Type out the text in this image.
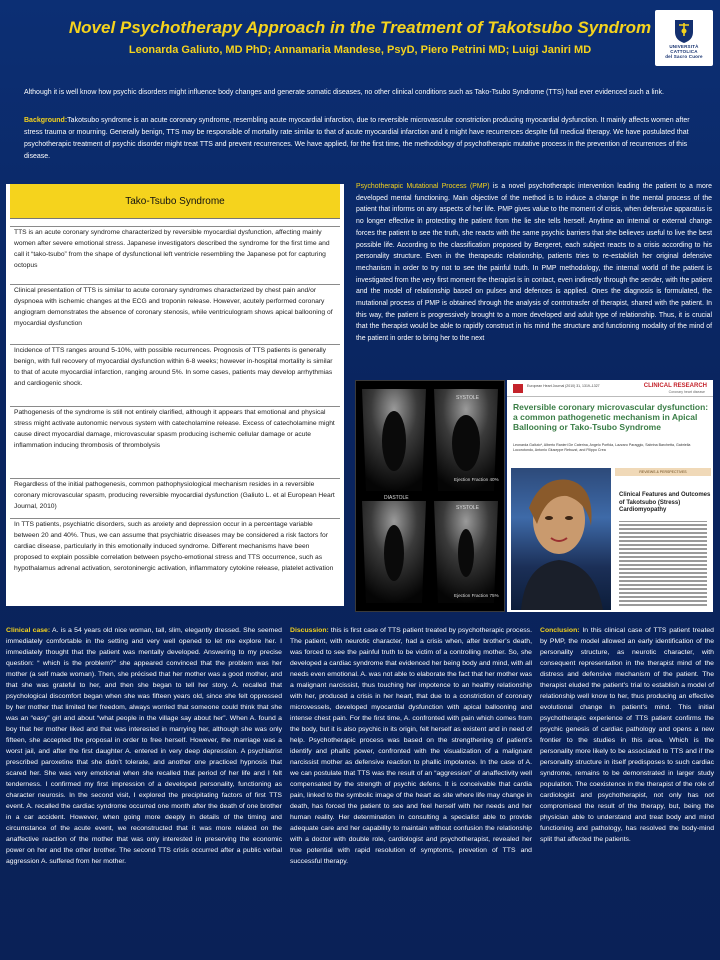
Novel Psychotherapy Approach in the Treatment of Takotsubo Syndrom
Leonarda Galiuto, MD PhD; Annamaria Mandese, PsyD, Piero Petrini MD; Luigi Janiri MD	UNIVERSITÀ
CATTOLICA
del Sacro Cuore
Although it is well know how psychic disorders might influence body changes and generate somatic diseases, no other clinical conditions such as Tako-Tsubo Syndrome (TTS) had ever evidenced such a link.
Background:Takotsubo syndrome is an acute coronary syndrome, resembling acute myocardial infarction, due to reversible microvascular constriction producing myocardial dysfunction. It mainly affects women after stress trauma or mourning. Generally benign, TTS may be responsible of mortality rate similar to that of acute myocardial infarction and it might have recurrences despite full medical therapy. We have postulated that psychotherapic treatment of psychic disorder might treat TTS and prevent recurrences. We have applied, for the first time, the methodology of psychotherapic mutative process in the prevention of recurrences of this disease.
Tako-Tsubo Syndrome
TTS is an acute coronary syndrome characterized by reversible myocardial dysfunction, affecting mainly women after severe emotional stress. Japanese investigators described the syndrome for the first time and call it “tako-tsubo” from the shape of dysfunctional left ventricle resembling the Japanese pot for capturing octopus
Clinical presentation of TTS is similar to acute coronary syndromes characterized by chest pain and/or dyspnoea with ischemic changes at the ECG and troponin release. However, acutely performed coronary angiogram demonstrates the absence of coronary stenosis, while ventriculogram shows apical ballooning of myocardial dysfunction
Incidence of TTS ranges around 5-10%, with possible recurrences. Prognosis of TTS patients is generally benign, with full recovery of myocardial dysfunction within 6-8 weeks; however in-hospital mortality is similar to that of acute myocardial infarction, ranging around 5%. In some cases, patients may develop arrhythmias and cardiogenic shock.
Pathogenesis of the syndrome is still not entirely clarified, although it appears that emotional and physical stress might activate autonomic nervous system with catecholamine release. Excess of catecholamine might cause direct myocardial damage, microvascular spasm producing ischemic cellular damage or acute inflammation inducing thrombosis of thrombolysis
Regardless of the initial pathogenesis, common pathophysiological mechanism resides in a reversible coronary microvascular spasm, producing reversible myocardial dysfunction (Galiuto L. et al European Heart Journal, 2010)
In TTS patients, psychiatric disorders, such as anxiety and depression occur in a percentage variable between 20 and 40%. Thus, we can assume that psychiatric diseases may be considered a risk factors for cardiac disease, particularly in this emotionally induced syndrome. Different mechanisms have been proposed to explain possible correlation between psycho-emotional stress and TTS occurrence, such as hypothalamus adrenal activation, serotoninergic activation, inflammatory cytokine release, platelet activation
Psychotherapic Mutational Process (PMP) is a novel psychotherapic intervention leading the patient to a more developed mental functioning. Main objective of the method is to induce a change in the mental process of the patient that informs on any aspects of her life. PMP gives value to the moment of crisis, when defensive apparatus is no longer effective in protecting the patient from the lie she tells herself. Anytime an internal or external change forces the patient to see the truth, she reacts with the same psychic barriers that she believes useful to live the best possible life. According to the classification proposed by Bergeret, each subject reacts to a crisis according to his personality structure. Even in the therapeutic relationship, patients tries to re-establish her original defensive mechanism in order to try not to see the painful truth. In PMP methodology, the internal world of the patient is investigated from the very first moment the therapist is in contact, even indirectly through the sender, with the patient and the model of relationship based on pulses and defences is applied. Ones the diagnosis is formulated, the mutational process of PMP is obtained through the analysis of controtrasfer of therapist, shared with the patient. In this way, the patient is progressively brought to a more developed and adult type of relationship. Thus, it is crucial that the therapist would be able to rapidly construct in his mind the structure and functioning modality of the mind of the patient in order to bring her to the next
SYSTOLE
DIASTOLE
SYSTOLE
Ejection Fraction 40%
Ejection Fraction 75%
European Heart Journal (2010) 31, 1319–1327	CLINICAL RESEARCH
Coronary heart disease
Reversible coronary microvascular dysfunction: a common pathogenetic mechanism in Apical Ballooning or Tako-Tsubo Syndrome
Leonarda Galiuto*, Alberto Ranieri De Caterina, Angelo Porfida, Lazzaro Paraggio, Sabrina Barchetta, Gabriella Locorotondo, Antonio Giuseppe Rebuzzi, and Filippo Crea
REVIEWS & PERSPECTIVES
Clinical Features and Outcomes of Takotsubo (Stress) Cardiomyopathy
Clinical case: A. is a 54 years old nice woman, tall, slim, elegantly dressed. She seemed immediately comfortable in the setting and very well opened to let me explore her. I immediately thought that the patient was mentally developed. Answering to my precise question: “ which is the problem?” she appeared convinced that the problem was her mother (a self made woman). Then, she précised that her mother was a good mother, and that she was grateful to her, and then she began to tell her story. A. recalled that psychological discomfort began when she was fifteen years old, since she felt oppressed by her mother that limited her freedom, always worried that someone could think that she was an “easy” girl and about “what people in the village say about her”. When A. found a boy that her mother liked and that was interested in marrying her, although she was only fifteen, she accepted the proposal in order to free herself. However, the marriage was a worst jail, and after the first daughter A. entered in very deep depression. A psychiatrist prescribed paroxetine that she didn’t tolerate, and another one practiced hypnosis that scared her. She was very emotional when she recalled that period of her life and I felt tenderness. I confirmed my first impression of a developed personality, functioning as character neurosis. In the second visit, I explored the precipitating factors of first TTS event. A. recalled the cardiac syndrome occurred one month after the death of one brother in a car accident. However, when going more deeply in details of the timing and circumstance of the acute event, we reconstructed that it was more related on the anaffective reaction of the mother that was only interested in preserving the economic power on her and the other brother. The second TTS crisis occurred after a public verbal aggression A. suffered from her mother.
Discussion: this is first case of TTS patient treated by psychotherapic process. The patient, with neurotic character, had a crisis when, after brother’s death, was forced to see the painful truth to be victim of a controlling mother. So, she developed a cardiac syndrome that evidenced her being body and mind, with all needs even emotional. A. was not able to elaborate the fact that her mother was a malignant narcissist, thus touching her impotence to an healthy relationship with her, produced a crisis in her heart, that due to a constriction of coronary microvessels, developed myocardial dysfunction with apical ballooning and intense chest pain. For the first time, A. confronted with pain which comes from the body, but it is also psychic in its origin, felt herself as existent and in need of help. Psychotherapic process was based on the strengthening of patient’s identify and phallic power, confronted with the visualization of a malignant narcissist mother as defensive reaction to phallic impotence. In the case of A. we can postulate that TTS was the result of an “aggression” of anaffectivity well compensated by the strength of psychic defens. It is conceivable that cardia pain, linked to the symbolic image of the heart as site where life may change in death, has forced the patient to see and feel herself with her needs and her human reality. Her determination in consulting a specialist able to provide adequate care and her capability to maintain without confusion the relationship with a doctor with double role, cardiologist and psychotherapist, revealed her true potential with rapid resolution of symptoms, prevetion of TTS and successful therapy.
Conclusion: In this clinical case of TTS patient treated by PMP, the model allowed an early identification of the personality structure, as neurotic character, with consequent representation in the therapist mind of the distress and defensive mechanism of the patient. The therapist eluded the patient’s trial to establish a model of relationship well know to her, thus producing an effective evolutional change in patient’s mind. This initial psychotherapic experience of TTS patient confirms the psychic genesis of cardiac pathology and opens a new frontier to the studies in this area. Which is the personality more likely to be associated to TTS and if the personality structure in itself predisposes to such cardiac syndrome, remains to be demonstrated in larger study population. The coexistence in the therapist of the role of cardiologist and psychotherapist, not only has not compromised the result of the therapy, but, being the physician able to understand and treat body and mind functioning and pathology, has resolved the body-mind split that affected the patients.
